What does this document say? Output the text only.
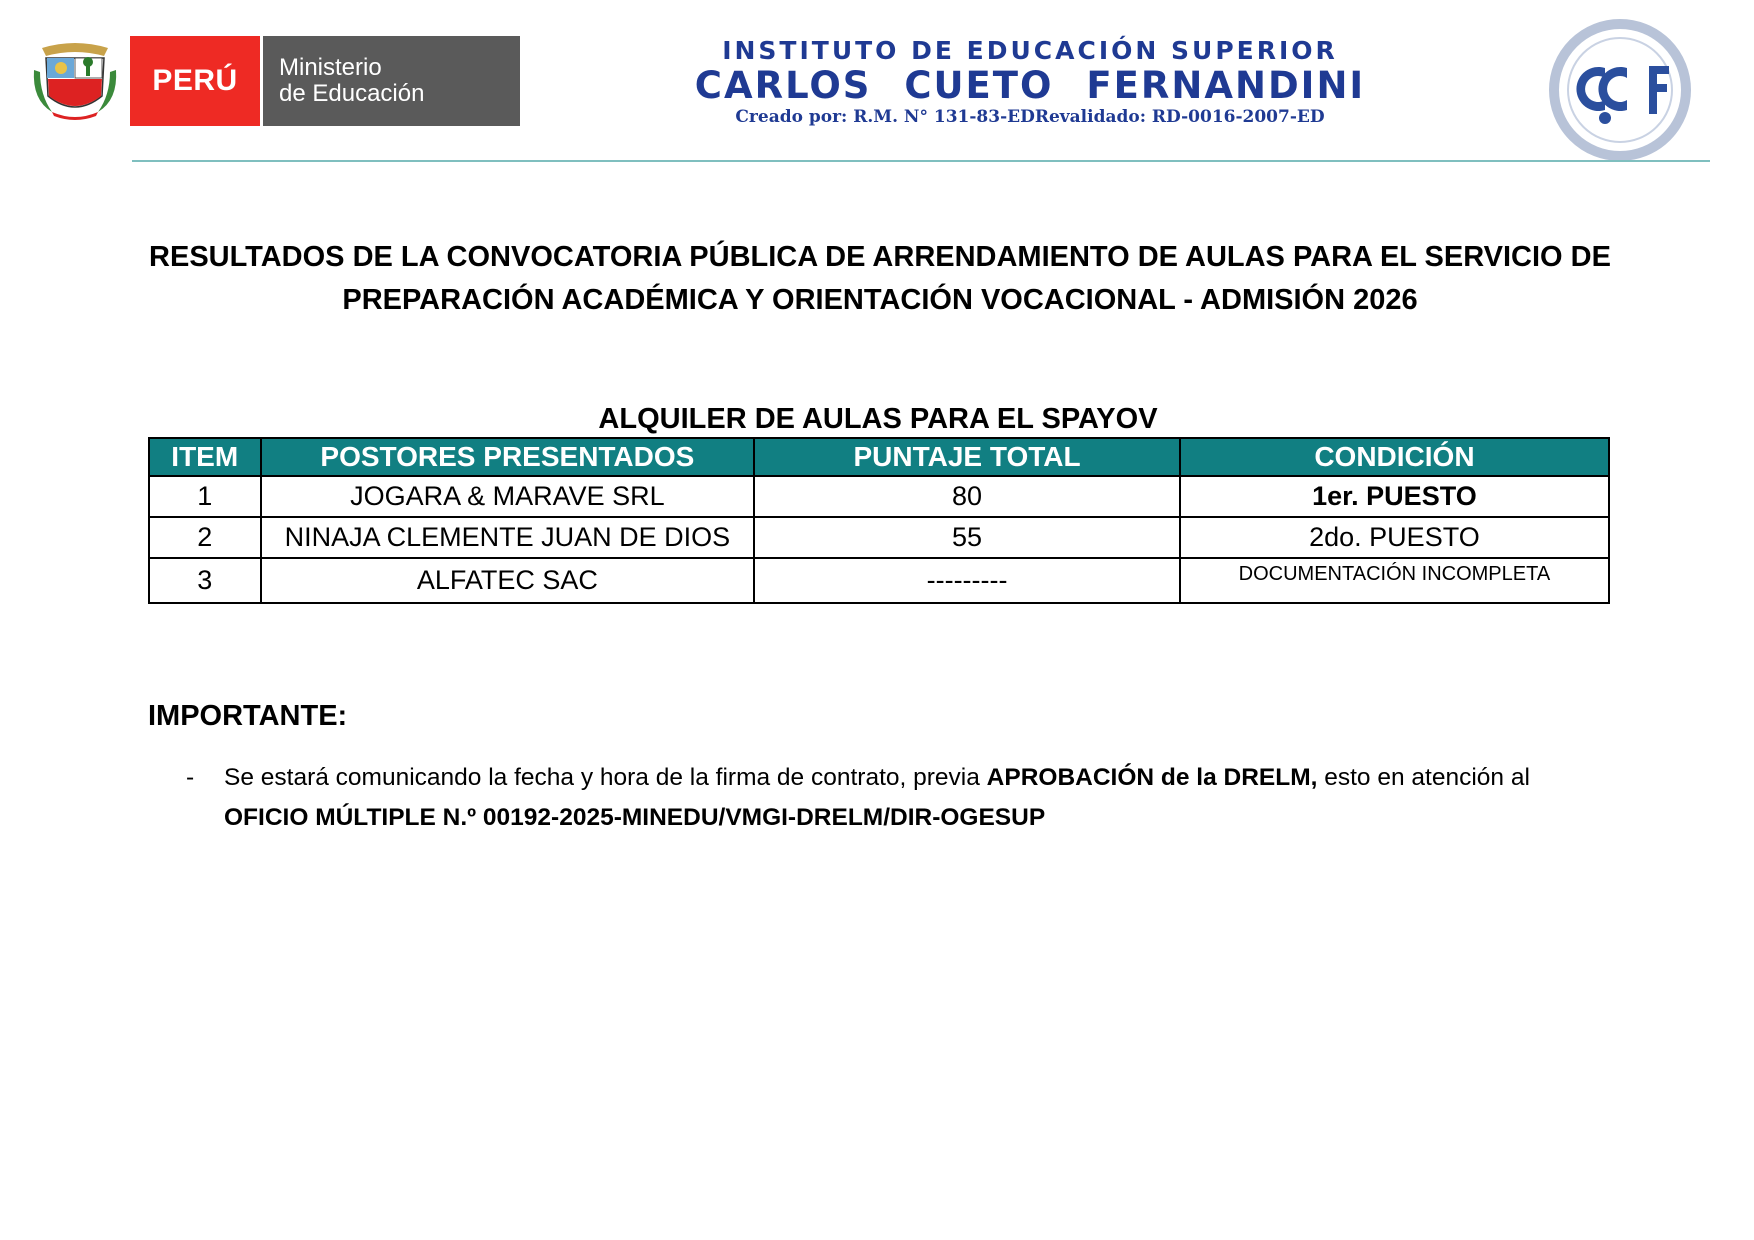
PERÚ	Ministerio
de Educación
INSTITUTO DE EDUCACIÓN SUPERIOR
CARLOS CUETO FERNANDINI
Creado por: R.M. N° 131-83-EDRevalidado: RD-0016-2007-ED
RESULTADOS DE LA CONVOCATORIA PÚBLICA DE ARRENDAMIENTO DE AULAS PARA EL SERVICIO DE
PREPARACIÓN ACADÉMICA Y ORIENTACIÓN VOCACIONAL - ADMISIÓN 2026
ALQUILER DE AULAS PARA EL SPAYOV
ITEM	POSTORES PRESENTADOS	PUNTAJE TOTAL	CONDICIÓN
1	JOGARA & MARAVE SRL	80	1er. PUESTO
2	NINAJA CLEMENTE JUAN DE DIOS	55	2do. PUESTO
3	ALFATEC SAC	---------	DOCUMENTACIÓN INCOMPLETA
IMPORTANTE:
- Se estará comunicando la fecha y hora de la firma de contrato, previa APROBACIÓN de la DRELM, esto en atención al OFICIO MÚLTIPLE N.º 00192-2025-MINEDU/VMGI-DRELM/DIR-OGESUP
